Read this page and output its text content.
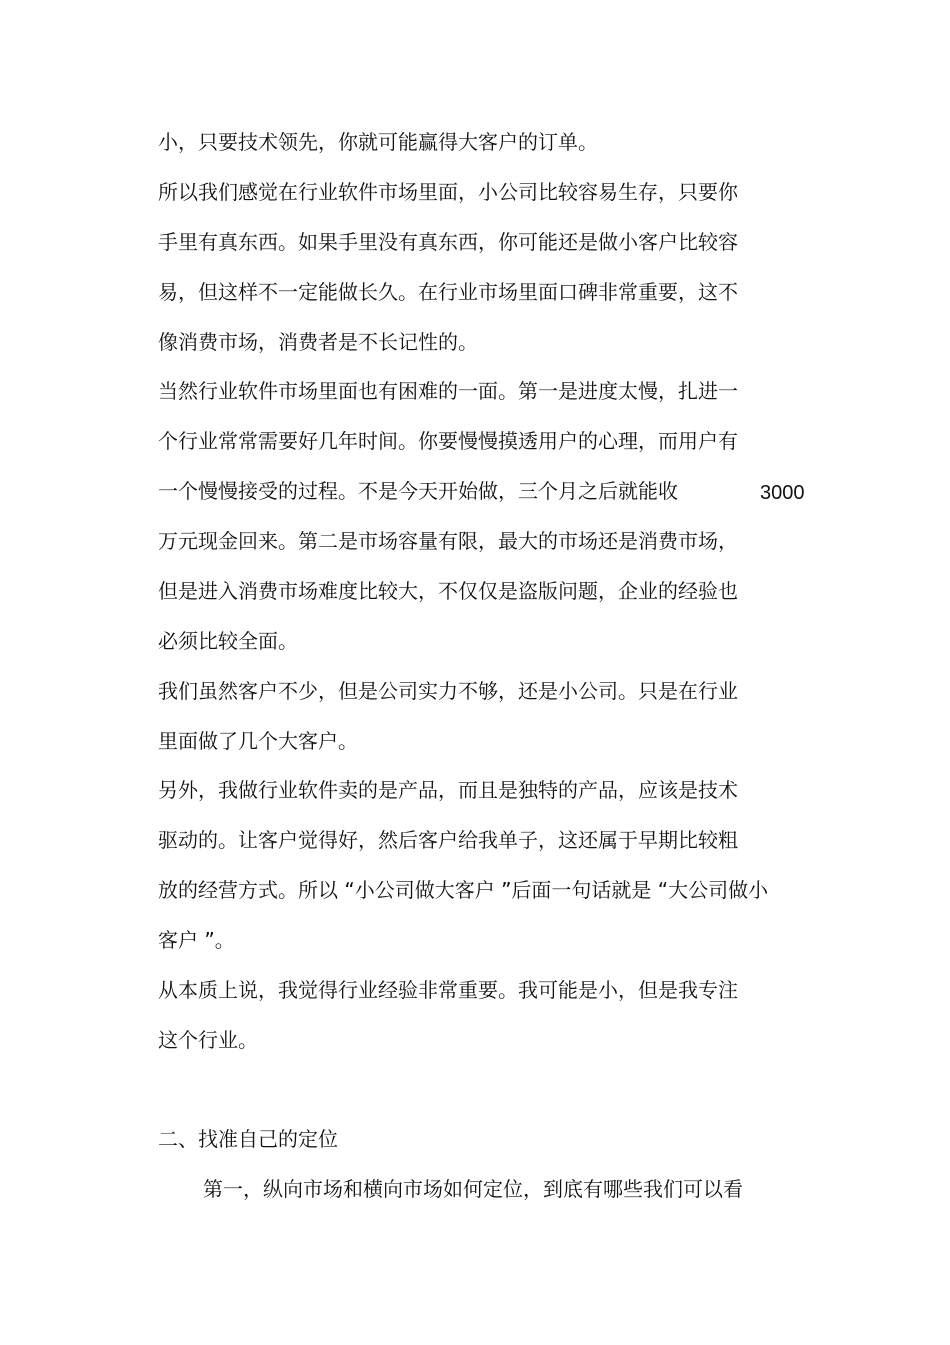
小，只要技术领先，你就可能赢得大客户的订单。
所以我们感觉在行业软件市场里面，小公司比较容易生存，只要你
手里有真东西。如果手里没有真东西，你可能还是做小客户比较容
易，但这样不一定能做长久。在行业市场里面口碑非常重要，这不
像消费市场，消费者是不长记性的。
当然行业软件市场里面也有困难的一面。第一是进度太慢，扎进一
个行业常常需要好几年时间。你要慢慢摸透用户的心理，而用户有
一个慢慢接受的过程。不是今天开始做，三个月之后就能收	3000
万元现金回来。第二是市场容量有限，最大的市场还是消费市场，
但是进入消费市场难度比较大，不仅仅是盗版问题，企业的经验也
必须比较全面。
我们虽然客户不少，但是公司实力不够，还是小公司。只是在行业
里面做了几个大客户。
另外，我做行业软件卖的是产品，而且是独特的产品，应该是技术
驱动的。让客户觉得好，然后客户给我单子，这还属于早期比较粗
放的经营方式。所以 “小公司做大客户 ”后面一句话就是 “大公司做小
客户 ”。
从本质上说，我觉得行业经验非常重要。我可能是小，但是我专注
这个行业。
二、找准自己的定位
第一，纵向市场和横向市场如何定位，到底有哪些我们可以看
